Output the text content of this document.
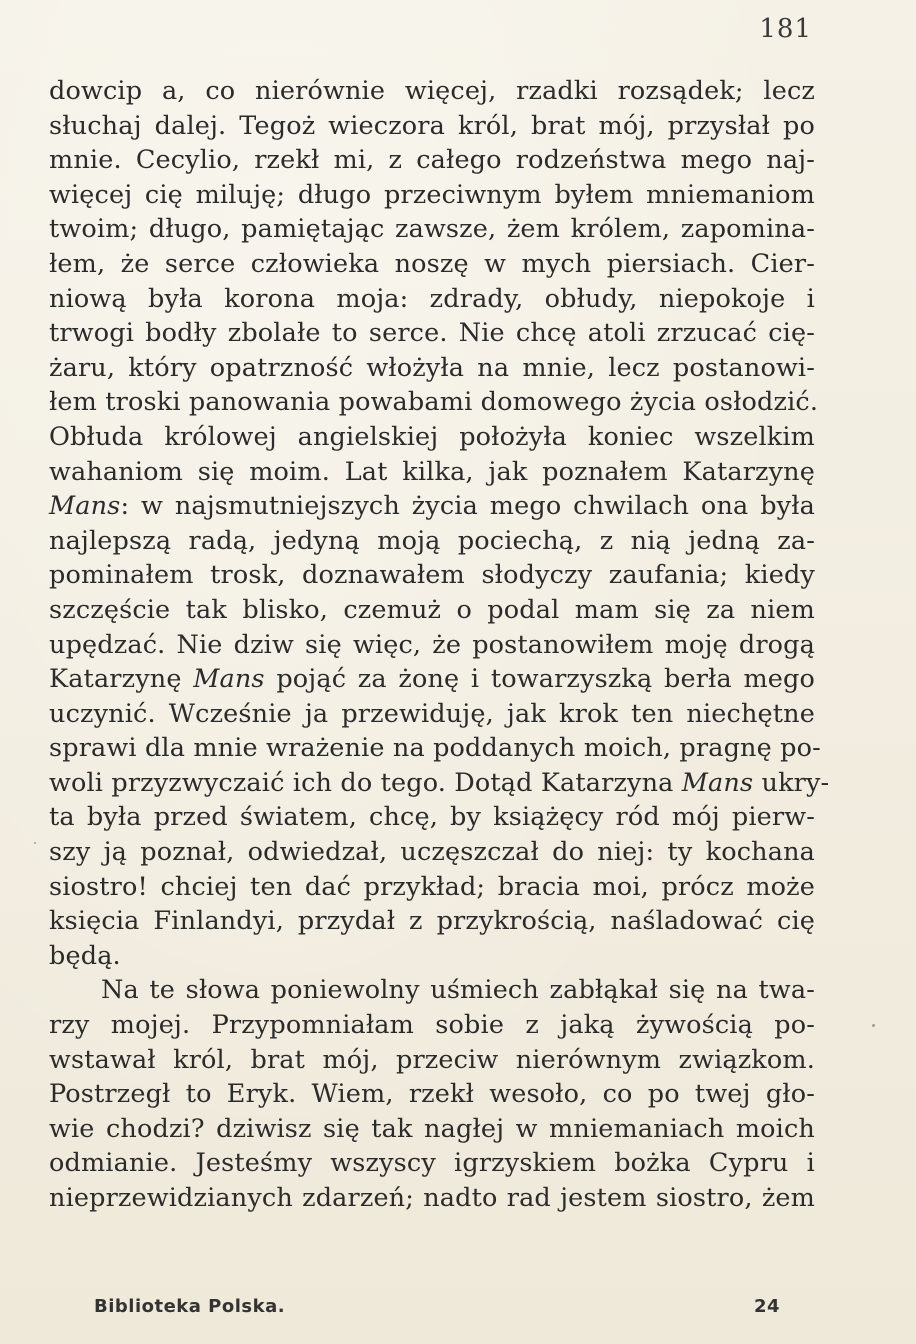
181
dowcip a, co nierównie więcej, rzadki rozsądek; lecz
słuchaj dalej. Tegoż wieczora król, brat mój, przysłał po
mnie. Cecylio, rzekł mi, z całego rodzeństwa mego naj-
więcej cię miluję; długo przeciwnym byłem mniemaniom
twoim; długo, pamiętając zawsze, żem królem, zapomina-
łem, że serce człowieka noszę w mych piersiach. Cier-
niową była korona moja: zdrady, obłudy, niepokoje i
trwogi bodły zbolałe to serce. Nie chcę atoli zrzucać cię-
żaru, który opatrzność włożyła na mnie, lecz postanowi-
łem troski panowania powabami domowego życia osłodzić.
Obłuda królowej angielskiej położyła koniec wszelkim
wahaniom się moim. Lat kilka, jak poznałem Katarzynę
Mans: w najsmutniejszych życia mego chwilach ona była
najlepszą radą, jedyną moją pociechą, z nią jedną za-
pominałem trosk, doznawałem słodyczy zaufania; kiedy
szczęście tak blisko, czemuż o podal mam się za niem
upędzać. Nie dziw się więc, że postanowiłem moję drogą
Katarzynę Mans pojąć za żonę i towarzyszką berła mego
uczynić. Wcześnie ja przewiduję, jak krok ten niechętne
sprawi dla mnie wrażenie na poddanych moich, pragnę po-
woli przyzwyczaić ich do tego. Dotąd Katarzyna Mans ukry-
ta była przed światem, chcę, by książęcy ród mój pierw-
szy ją poznał, odwiedzał, uczęszczał do niej: ty kochana
siostro! chciej ten dać przykład; bracia moi, prócz może
księcia Finlandyi, przydał z przykrością, naśladować cię
będą.
Na te słowa poniewolny uśmiech zabłąkał się na twa-
rzy mojej. Przypomniałam sobie z jaką żywością po-
wstawał król, brat mój, przeciw nierównym związkom.
Postrzegł to Eryk. Wiem, rzekł wesoło, co po twej gło-
wie chodzi? dziwisz się tak nagłej w mniemaniach moich
odmianie. Jesteśmy wszyscy igrzyskiem bożka Cypru i
nieprzewidzianych zdarzeń; nadto rad jestem siostro, żem
Biblioteka Polska.	24
